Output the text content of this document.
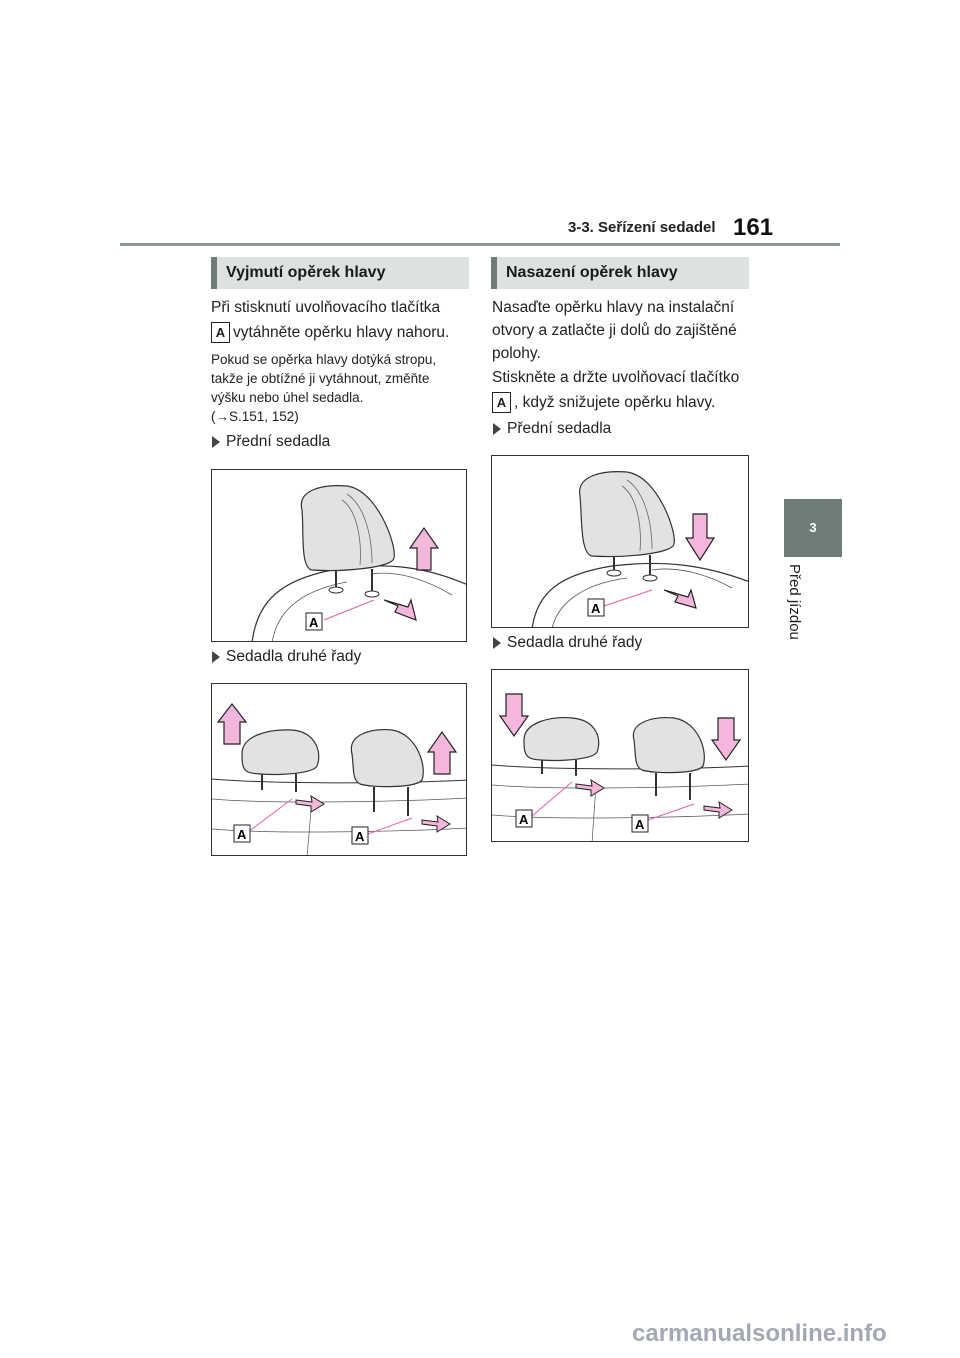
3-3. Seřízení sedadel 161
3
Před jízdou
Vyjmutí opěrek hlavy
Při stisknutí uvolňovacího tlačítka
A vytáhněte opěrku hlavy nahoru.
Pokud se opěrka hlavy dotýká stropu,
takže je obtížné ji vytáhnout, změňte
výšku nebo úhel sedadla.
(→S.151, 152)
Přední sedadla
A
Sedadla druhé řady
A	A
Nasazení opěrek hlavy
Nasaďte opěrku hlavy na instalační
otvory a zatlačte ji dolů do zajištěné
polohy.
Stiskněte a držte uvolňovací tlačítko
A , když snižujete opěrku hlavy.
Přední sedadla
A
Sedadla druhé řady
A	A
carmanualsonline.info
